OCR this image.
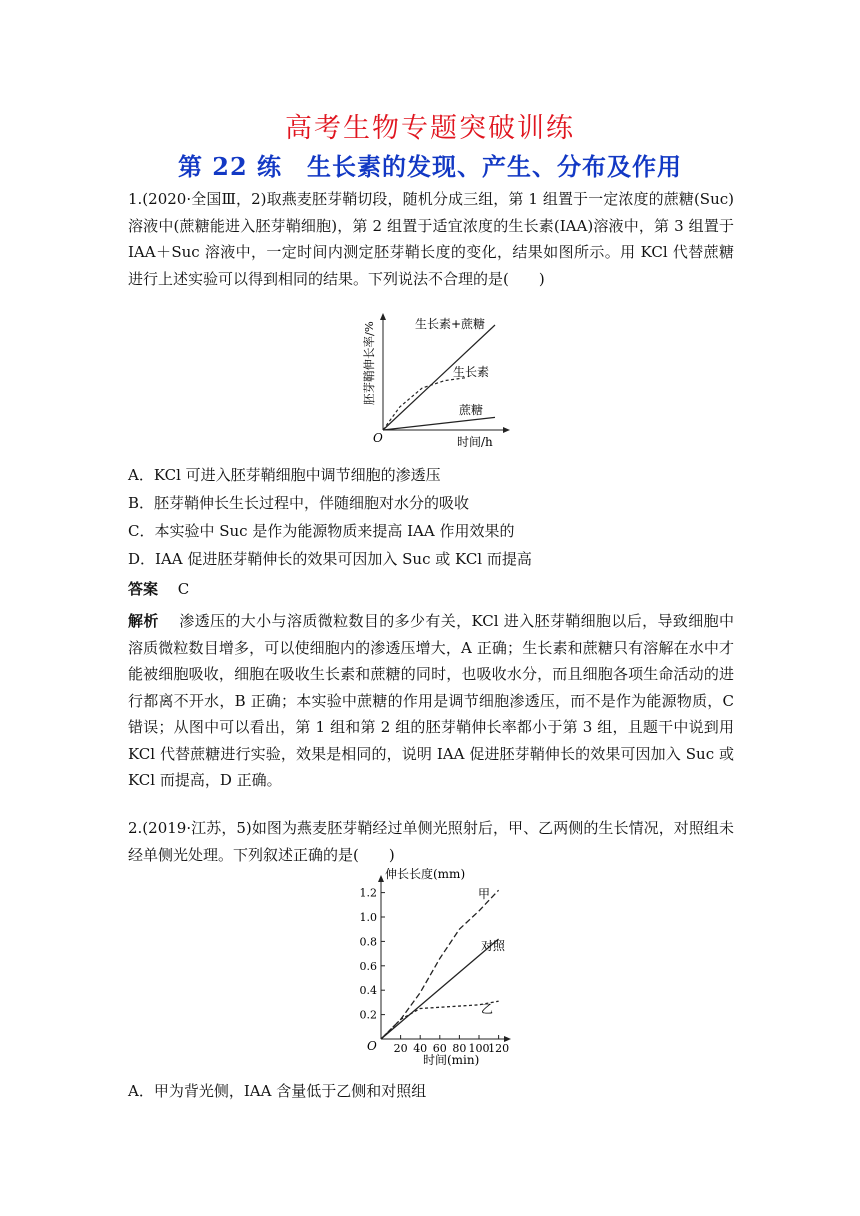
高考生物专题突破训练
第 22 练　生长素的发现、产生、分布及作用
1.(2020·全国Ⅲ，2)取燕麦胚芽鞘切段，随机分成三组，第 1 组置于一定浓度的蔗糖(Suc)溶液中(蔗糖能进入胚芽鞘细胞)，第 2 组置于适宜浓度的生长素(IAA)溶液中，第 3 组置于 IAA＋Suc 溶液中，一定时间内测定胚芽鞘长度的变化，结果如图所示。用 KCl 代替蔗糖进行上述实验可以得到相同的结果。下列说法不合理的是(　　)
胚芽鞘伸长率/%
时间/h
O
生长素+蔗糖
生长素
蔗糖
A．KCl 可进入胚芽鞘细胞中调节细胞的渗透压
B．胚芽鞘伸长生长过程中，伴随细胞对水分的吸收
C．本实验中 Suc 是作为能源物质来提高 IAA 作用效果的
D．IAA 促进胚芽鞘伸长的效果可因加入 Suc 或 KCl 而提高
答案　 C
解析　 渗透压的大小与溶质微粒数目的多少有关，KCl 进入胚芽鞘细胞以后，导致细胞中溶质微粒数目增多，可以使细胞内的渗透压增大，A 正确；生长素和蔗糖只有溶解在水中才能被细胞吸收，细胞在吸收生长素和蔗糖的同时，也吸收水分，而且细胞各项生命活动的进行都离不开水，B 正确；本实验中蔗糖的作用是调节细胞渗透压，而不是作为能源物质，C 错误；从图中可以看出，第 1 组和第 2 组的胚芽鞘伸长率都小于第 3 组，且题干中说到用 KCl 代替蔗糖进行实验，效果是相同的，说明 IAA 促进胚芽鞘伸长的效果可因加入 Suc 或 KCl 而提高，D 正确。
2.(2019·江苏，5)如图为燕麦胚芽鞘经过单侧光照射后，甲、乙两侧的生长情况，对照组未经单侧光处理。下列叙述正确的是(　　)
0.2
0.4
0.6
0.8
1.0
1.2
20 40 60 80 100
120
伸长长度(mm)
时间(min)
O
甲
对照
乙
A．甲为背光侧，IAA 含量低于乙侧和对照组
